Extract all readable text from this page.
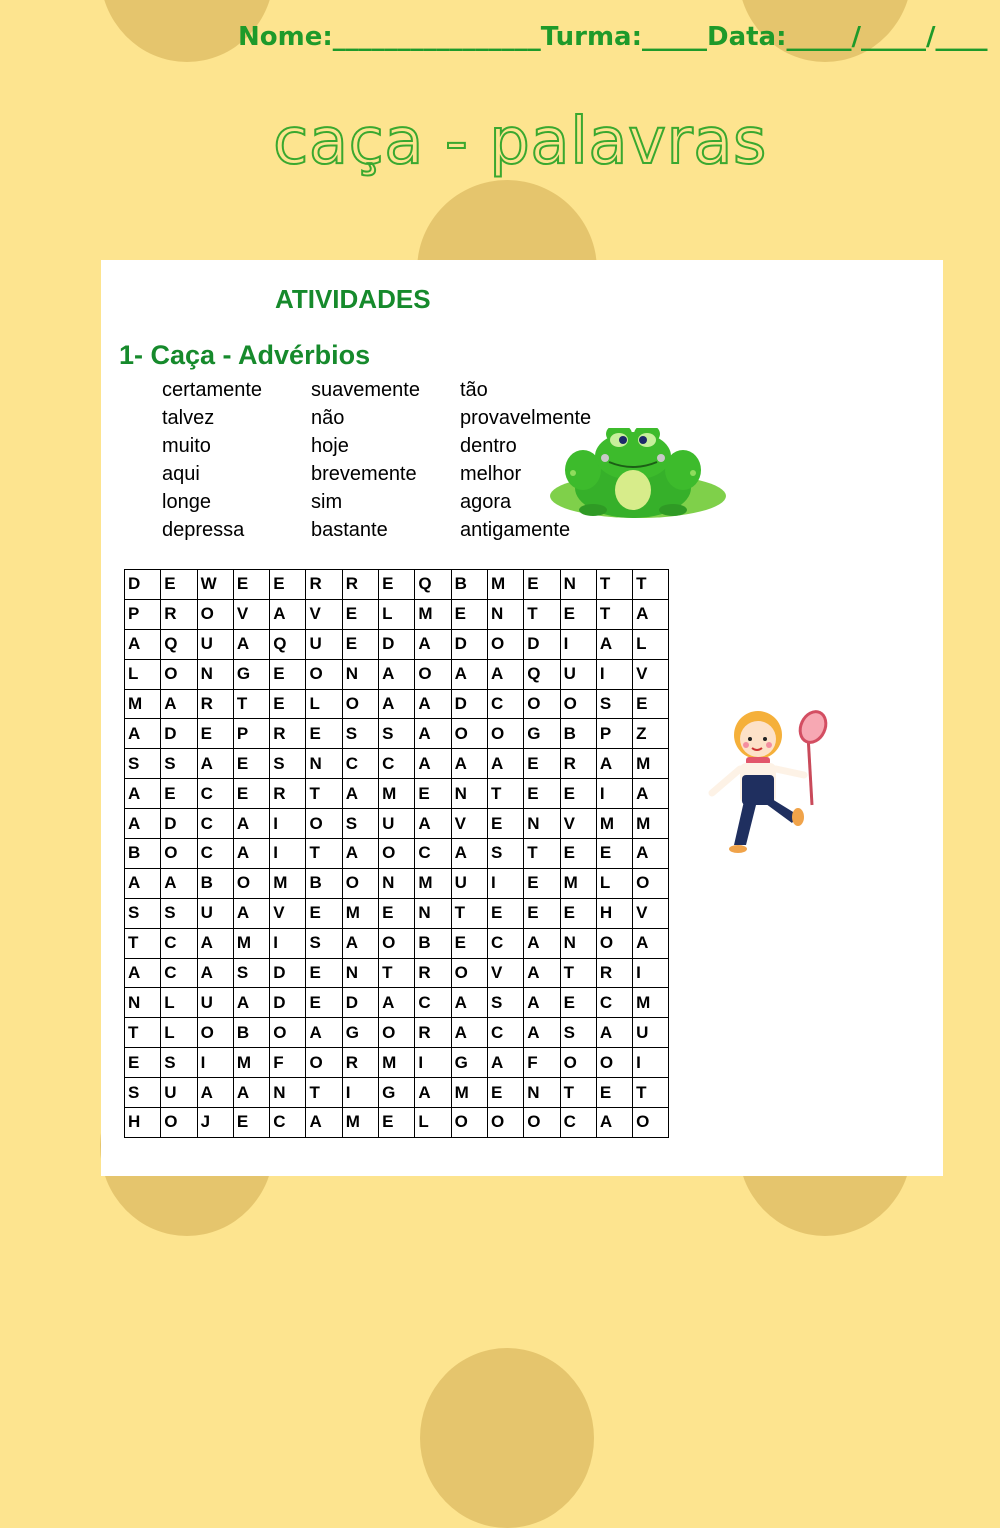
Nome:________________Turma:_____Data:_____/_____/____
caça - palavras
ATIVIDADES
1- Caça - Advérbios
certamente
talvez
muito
aqui
longe
depressa
suavemente
não
hoje
brevemente
sim
bastante
tão
provavelmente
dentro
melhor
agora
antigamente
D	E	W	E	E	R	R	E	Q	B	M	E	N	T	T
P	R	O	V	A	V	E	L	M	E	N	T	E	T	A
A	Q	U	A	Q	U	E	D	A	D	O	D	I	A	L
L	O	N	G	E	O	N	A	O	A	A	Q	U	I	V
M	A	R	T	E	L	O	A	A	D	C	O	O	S	E
A	D	E	P	R	E	S	S	A	O	O	G	B	P	Z
S	S	A	E	S	N	C	C	A	A	A	E	R	A	M
A	E	C	E	R	T	A	M	E	N	T	E	E	I	A
A	D	C	A	I	O	S	U	A	V	E	N	V	M	M
B	O	C	A	I	T	A	O	C	A	S	T	E	E	A
A	A	B	O	M	B	O	N	M	U	I	E	M	L	O
S	S	U	A	V	E	M	E	N	T	E	E	E	H	V
T	C	A	M	I	S	A	O	B	E	C	A	N	O	A
A	C	A	S	D	E	N	T	R	O	V	A	T	R	I
N	L	U	A	D	E	D	A	C	A	S	A	E	C	M
T	L	O	B	O	A	G	O	R	A	C	A	S	A	U
E	S	I	M	F	O	R	M	I	G	A	F	O	O	I
S	U	A	A	N	T	I	G	A	M	E	N	T	E	T
H	O	J	E	C	A	M	E	L	O	O	O	C	A	O
